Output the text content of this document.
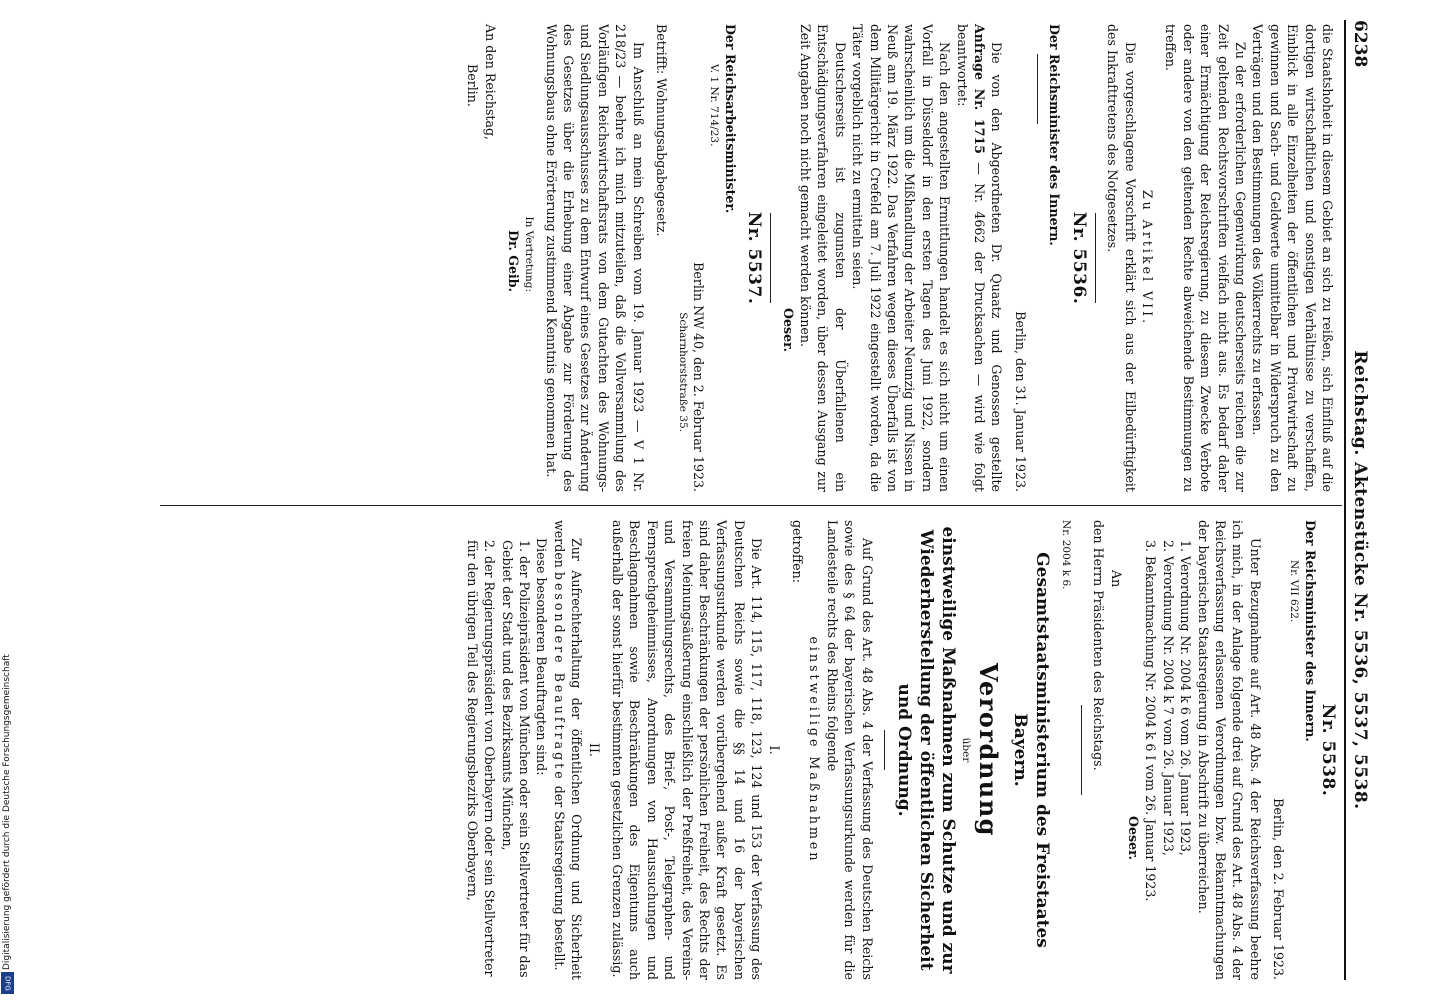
6238
Reichstag. Aktenstücke Nr. 5536, 5537, 5538.

die Staatshoheit in diesem Gebiet an sich zu reißen, sich Einfluß auf die dortigen wirtschaftlichen und sonstigen Verhältnisse zu verschaffen, Einblick in alle Einzelheiten der öffentlichen und Privatwirtschaft zu gewinnen und Sach- und Geldwerte unmittelbar in Widerspruch zu den Verträgen und den Bestimmungen des Völkerrechts zu erfassen.

Zu der erforderlichen Gegenwirkung deutscherseits reichen die zur Zeit geltenden Rechtsvorschriften vielfach nicht aus. Es bedarf daher einer Ermächtigung der Reichsregierung, zu diesem Zwecke Verbote oder andere von den geltenden Rechte abweichende Bestimmungen zu treffen.

Zu Artikel VII.

Die vorgeschlagene Vorschrift erklärt sich aus der Eilbedürftigkeit des Inkrafttretens des Notgesetzes.

Nr. 5536.

Der Reichsminister des Innern.

Berlin, den 31. Januar 1923.

Die von den Abgeordneten Dr. Quaatz und Genossen gestellte Anfrage Nr. 1715 — Nr. 4662 der Drucksachen — wird wie folgt beantwortet:

Nach den angestellten Ermittlungen handelt es sich nicht um einen Vorfall in Düsseldorf in den ersten Tagen des Juni 1922, sondern wahrscheinlich um die Mißhandlung der Arbeiter Neunzig und Nissen in Neuß am 19. März 1922. Das Verfahren wegen dieses Überfalls ist von dem Militärgericht in Crefeld am 7. Juli 1922 eingestellt worden, da die Täter vorgeblich nicht zu ermitteln seien.

Deutscherseits ist zugunsten der Überfallenen ein Entschädigungsverfahren eingeleitet worden, über dessen Ausgang zur Zeit Angaben noch nicht gemacht werden können.

Oeser.

Nr. 5537.

Der Reichsarbeitsminister.

V. 1 Nr. 714/23.

Berlin NW 40, den 2. Februar 1923.

Scharnhorststraße 35.

Betrifft: Wohnungsabgabegesetz.

Im Anschluß an mein Schreiben vom 19. Januar 1923 — V 1 Nr. 218/23 — beehre ich mich mitzuteilen, daß die Vollversammlung des Vorläufigen Reichswirtschaftsrats von dem Gutachten des Wohnungs- und Siedlungsausschusses zu dem Entwurf eines Gesetzes zur Änderung des Gesetzes über die Erhebung einer Abgabe zur Förderung des Wohnungsbaus ohne Erörterung zustimmend Kenntnis genommen hat.

In Vertretung:

Dr. Geib.

An den Reichstag,

Berlin.

Nr. 5538.

Der Reichsminister des Innern.

Nr. VII 622.

Berlin, den 2. Februar 1923.

Unter Bezugnahme auf Art. 48 Abs. 4 der Reichsverfassung beehre ich mich, in der Anlage folgende drei auf Grund des Art. 48 Abs. 4 der Reichsverfassung erlassenen Verordnungen bzw. Bekanntmachungen der bayerischen Staatsregierung in Abschrift zu überreichen.

1. Verordnung Nr. 2004 k 6 vom 26. Januar 1923,
2. Verordnung Nr. 2004 k 7 vom 26. Januar 1923,
3. Bekanntmachung Nr. 2004 k 6 I vom 26. Januar 1923.

Oeser.

An

den Herrn Präsidenten des Reichstags.

Nr. 2004 k 6.

Gesamtstaatsministerium des Freistaates Bayern.

Verordnung

über

einstweilige Maßnahmen zum Schutze und zur Wiederherstellung der öffentlichen Sicherheit und Ordnung.

Auf Grund des Art. 48 Abs. 4 der Verfassung des Deutschen Reichs sowie des § 64 der bayerischen Verfassungsurkunde werden für die Landesteile rechts des Rheins folgende

einstweilige Maßnahmen

getroffen:

I.

Die Art. 114, 115, 117, 118, 123, 124 und 153 der Verfassung des Deutschen Reichs sowie die §§ 14 und 16 der bayerischen Verfassungsurkunde werden vorübergehend außer Kraft gesetzt. Es sind daher Beschränkungen der persönlichen Freiheit, des Rechts der freien Meinungsäußerung einschließlich der Preßfreiheit, des Vereins- und Versammlungsrechts, des Brief-, Post-, Telegraphen- und Fernsprechgeheimnisses, Anordnungen von Haussuchungen und Beschlagnahmen sowie Beschränkungen des Eigentums auch außerhalb der sonst hierfür bestimmten gesetzlichen Grenzen zulässig.

II.

Zur Aufrechterhaltung der öffentlichen Ordnung und Sicherheit werden besondere Beauftragte der Staatsregierung bestellt.

Diese besonderen Beauftragten sind:

1. der Polizeipräsident von München oder sein Stellvertreter für das Gebiet der Stadt und des Bezirksamts München,
2. der Regierungspräsident von Oberbayern oder sein Stellvertreter für den übrigen Teil des Regierungsbezirks Oberbayern,
Digitalisierung gefördert durch die Deutsche Forschungsgemeinschaft
DFG
